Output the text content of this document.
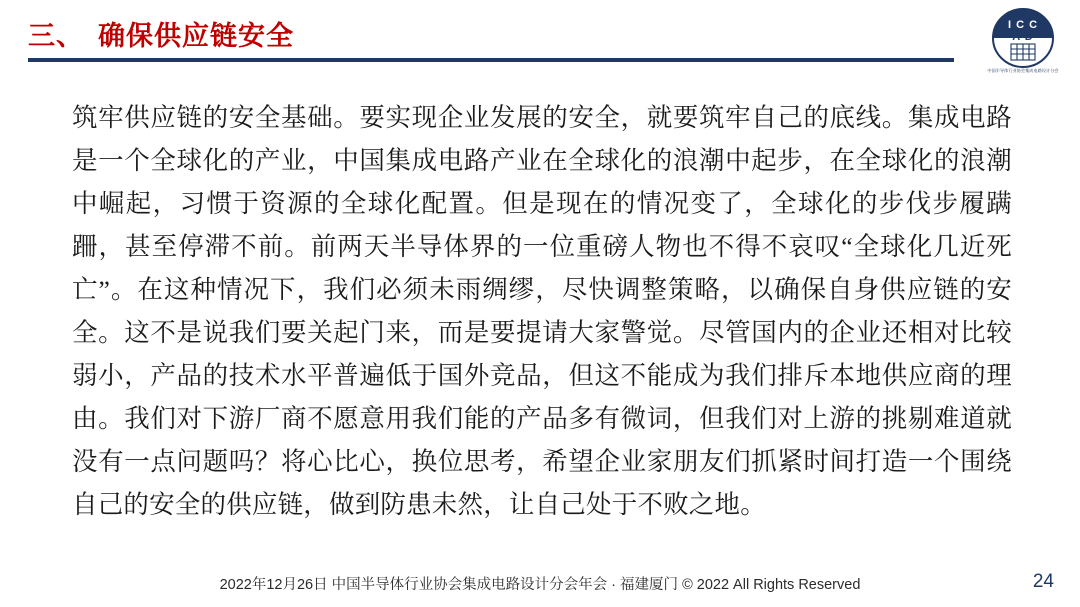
三、 确保供应链安全	I C C
A D
中国半导体行业协会集成电路设计分会
筑牢供应链的安全基础。要实现企业发展的安全，就要筑牢自己的底线。集成电路是一个全球化的产业，中国集成电路产业在全球化的浪潮中起步，在全球化的浪潮中崛起，习惯于资源的全球化配置。但是现在的情况变了，全球化的步伐步履蹒跚，甚至停滞不前。前两天半导体界的一位重磅人物也不得不哀叹“全球化几近死亡”。在这种情况下，我们必须未雨绸缪，尽快调整策略，以确保自身供应链的安全。这不是说我们要关起门来，而是要提请大家警觉。尽管国内的企业还相对比较弱小，产品的技术水平普遍低于国外竞品，但这不能成为我们排斥本地供应商的理由。我们对下游厂商不愿意用我们能的产品多有微词，但我们对上游的挑剔难道就没有一点问题吗？将心比心，换位思考，希望企业家朋友们抓紧时间打造一个围绕自己的安全的供应链，做到防患未然，让自己处于不败之地。
2022年12月26日 中国半导体行业协会集成电路设计分会年会 · 福建厦门 © 2022 All Rights Reserved	24
